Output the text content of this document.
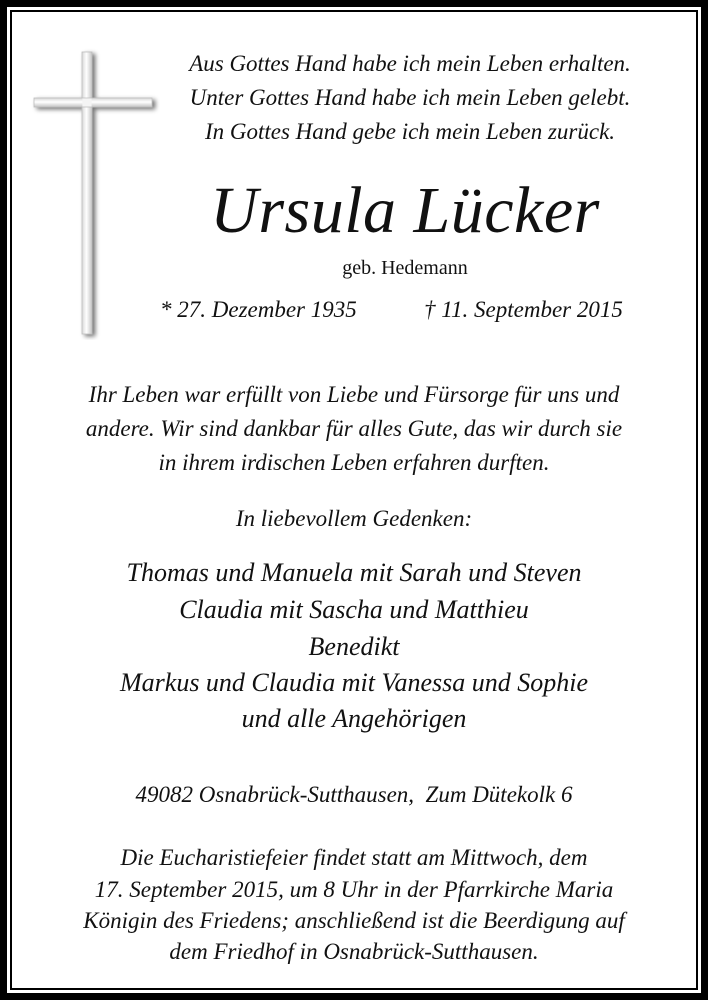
Aus Gottes Hand habe ich mein Leben erhalten.
Unter Gottes Hand habe ich mein Leben gelebt.
In Gottes Hand gebe ich mein Leben zurück.
Ursula Lücker
geb. Hedemann
* 27. Dezember 1935	† 11. September 2015
Ihr Leben war erfüllt von Liebe und Fürsorge für uns und
andere. Wir sind dankbar für alles Gute, das wir durch sie
in ihrem irdischen Leben erfahren durften.
In liebevollem Gedenken:
Thomas und Manuela mit Sarah und Steven
Claudia mit Sascha und Matthieu
Benedikt
Markus und Claudia mit Vanessa und Sophie
und alle Angehörigen
49082 Osnabrück-Sutthausen,  Zum Dütekolk 6
Die Eucharistiefeier findet statt am Mittwoch, dem
17. September 2015, um 8 Uhr in der Pfarrkirche Maria
Königin des Friedens; anschließend ist die Beerdigung auf
dem Friedhof in Osnabrück-Sutthausen.
